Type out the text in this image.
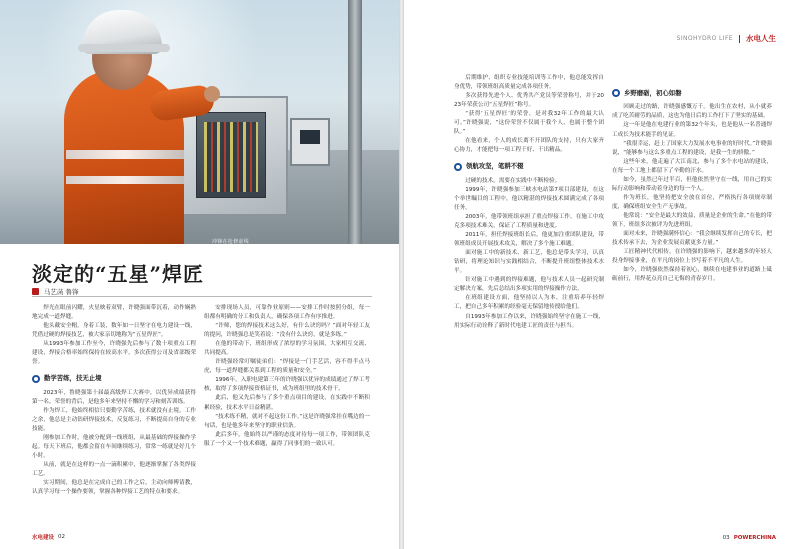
冲锋在抢修前线
淡定的“五星”焊匠
马艺菡 鲁锋

焊光在眼前闪耀，火星映着双臂，许晓强面带沉着，动作娴熟地完成一道焊缝。

他头戴安全帽，身着工装，数年如一日坚守在电力建设一线，凭借过硬的焊接技艺，被大家亲切地称为“五星焊匠”。

从1993年参加工作至今，许晓强先后参与了数十项重点工程建设，焊接合格率始终保持在较高水平，多次获得公司及省部级荣誉。

勤学苦练，技无止境

2023年，鲁晓强第十届最高级焊工大赛中，以优异成绩获得第一名。荣誉的背后，是他多年来坚持不懈的学习和刻苦训练。

作为焊工，他始终相信只要勤学苦练，技术就没有止境。工作之余，他总是主动钻研焊接技术，反复练习，不断提高自身的专业技能。

刚参加工作时，他被分配到一线班组，从最基础的焊接操作学起。每天下班后，他都会留在车间继续练习，常常一练就是好几个小时。

从前，就是在这样的一点一滴积累中，他逐渐掌握了各类焊接工艺。

实习期间，他总是在完成自己的工作之后，主动向师傅请教，认真学习每一个操作要领，掌握各种焊接工艺的特点和要求。

安排现场人员，可靠作业原则——安排工作时按照分组，每一组都有明确的分工和负责人，确保各项工作有序推进。

“许师，您的焊接技术这么好，有什么诀窍吗？”面对年轻工友的提问，许晓强总是笑着说：“没有什么诀窍，就是多练。”

在他的带动下，班组形成了浓厚的学习氛围，大家相互交流、共同提高。

许晓强经常叮嘱徒弟们：“焊接是一门手艺活，容不得半点马虎，每一道焊缝都关系到工程的质量和安全。”

1996年，入职电建第三年的许晓强以优异的成绩通过了焊工考核，取得了多项焊接资格证书，成为班组里的技术骨干。

此后，他又先后参与了多个重点项目的建设，在实践中不断积累经验，技术水平日益精湛。

“技术练不精，就对不起这份工作。”这是许晓强常挂在嘴边的一句话，也是他多年来坚守的职业信条。

此后多年，他始终以严谨的态度对待每一项工作，带领团队克服了一个又一个技术难题，赢得了同事们的一致认可。

水电建设 02
SINOHYDRO LIFE 水电人生

后期维护、组织专业技能培训等工作中，他总能发挥自身优势，带领班组高质量完成各项任务。

多次获得先进个人、优秀共产党员等荣誉称号，并于2023年荣获公司“五星焊匠”称号。

“获得‘五星焊匠’的荣誉，是对我32年工作的最大认可。”许晓强说，“这份荣誉不仅属于我个人，也属于整个团队。”

在他看来，个人的成长离不开团队的支持，只有大家齐心协力，才能把每一项工程干好、干出精品。

领航攻坚，笔耕不辍

过硬的技术，需要在实践中不断检验。

1999年，许晓强参加三峡水电站第7项目部建设，在这个举世瞩目的工程中，他以精湛的焊接技术圆满完成了各项任务。

2003年，他带领班组承担了重点焊接工作，在施工中攻克多项技术难关，保证了工程质量和进度。

2011年，担任焊接班组长后，他更加注重团队建设，带领班组成员开展技术攻关，解决了多个施工难题。

面对施工中的新技术、新工艺，他总是带头学习，认真钻研，将理论知识与实践相结合，不断提升班组整体技术水平。

针对施工中遇到的焊接难题，他与技术人员一起研究制定解决方案，先后总结出多项实用的焊接操作方法。

在班组建设方面，他坚持以人为本，注重培养年轻焊工，把自己多年积累的经验毫无保留地传授给他们。

自1993年参加工作以来，许晓强始终坚守在施工一线，用实际行动诠释了新时代电建工匠的责任与担当。

乡野磨砺，初心如磐

回顾走过的路，许晓强感慨万千。他出生在农村，从小就养成了吃苦耐劳的品质，这也为他日后的工作打下了坚实的基础。

这一年是他在电建行业的第32个年头，也是他从一名普通焊工成长为技术能手的见证。

“我很幸运，赶上了国家大力发展水电事业的好时代。”许晓强说，“能够参与这么多重点工程的建设，是我一生的骄傲。”

这些年来，他走遍了大江南北，参与了多个水电站的建设，在每一个工地上都留下了辛勤的汗水。

如今，虽然已年过半百，但他依然坚守在一线，用自己的实际行动影响和带动着身边的每一个人。

作为班长，他坚持把安全放在首位，严格执行各项规章制度，确保班组安全生产无事故。

他常说：“安全是最大的效益，质量是企业的生命。”在他的带领下，班组多次被评为先进班组。

面对未来，许晓强满怀信心：“我会继续发挥自己的专长，把技术传承下去，为企业发展贡献更多力量。”

工匠精神代代相传。在许晓强的影响下，越来越多的年轻人投身焊接事业，在平凡的岗位上书写着不平凡的人生。

如今，许晓强依然保持着初心，继续在电建事业的道路上砥砺前行，用焊花点亮自己无悔的青春岁月。

03 POWERCHINA
